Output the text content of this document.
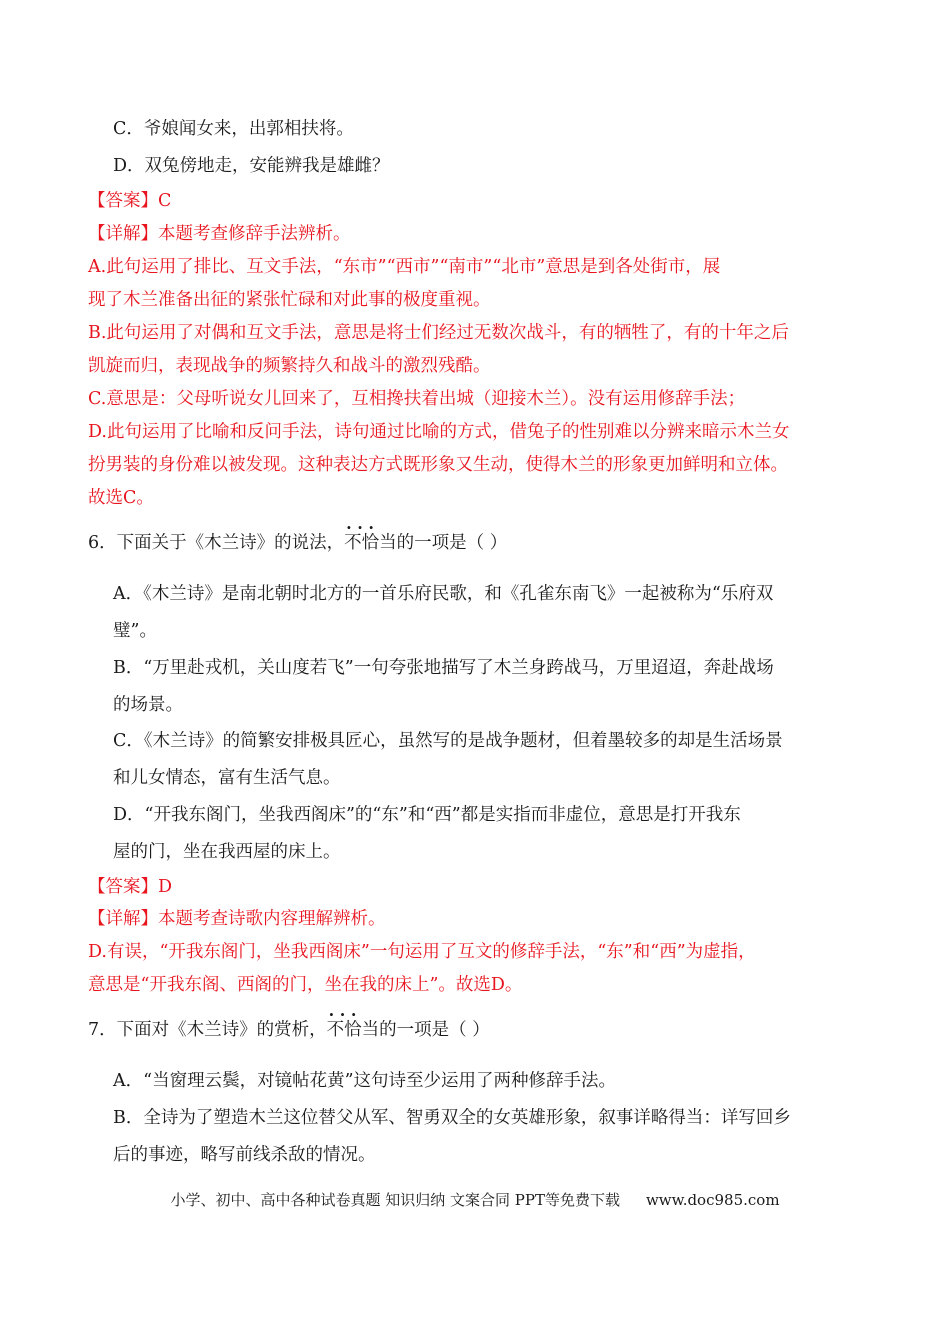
C．爷娘闻女来，出郭相扶将。
D．双兔傍地走，安能辨我是雄雌？
【答案】C
【详解】本题考查修辞手法辨析。
A.此句运用了排比、互文手法，“东市”“西市”“南市”“北市”意思是到各处街市，展
现了木兰准备出征的紧张忙碌和对此事的极度重视。
B.此句运用了对偶和互文手法，意思是将士们经过无数次战斗，有的牺牲了，有的十年之后
凯旋而归，表现战争的频繁持久和战斗的激烈残酷。
C.意思是：父母听说女儿回来了，互相搀扶着出城（迎接木兰）。没有运用修辞手法；
D.此句运用了比喻和反问手法，诗句通过比喻的方式，借兔子的性别难以分辨来暗示木兰女
扮男装的身份难以被发现。这种表达方式既形象又生动，使得木兰的形象更加鲜明和立体。
故选C。
6．下面关于《木兰诗》的说法，· · · 不恰当的一项是（ ）
A．《木兰诗》是南北朝时北方的一首乐府民歌，和《孔雀东南飞》一起被称为“乐府双
璧”。
B．“万里赴戎机，关山度若飞”一句夸张地描写了木兰身跨战马，万里迢迢，奔赴战场
的场景。
C．《木兰诗》的简繁安排极具匠心，虽然写的是战争题材，但着墨较多的却是生活场景
和儿女情态，富有生活气息。
D．“开我东阁门，坐我西阁床”的“东”和“西”都是实指而非虚位，意思是打开我东
屋的门，坐在我西屋的床上。
【答案】D
【详解】本题考查诗歌内容理解辨析。
D.有误，“开我东阁门，坐我西阁床”一句运用了互文的修辞手法，“东”和“西”为虚指，
意思是“开我东阁、西阁的门，坐在我的床上”。故选D。
7．下面对《木兰诗》的赏析，· · · 不恰当的一项是（ ）
A．“当窗理云鬓，对镜帖花黄”这句诗至少运用了两种修辞手法。
B．全诗为了塑造木兰这位替父从军、智勇双全的女英雄形象，叙事详略得当：详写回乡
后的事迹，略写前线杀敌的情况。
小学、初中、高中各种试卷真题 知识归纳 文案合同 PPT等免费下载 www.doc985.com
